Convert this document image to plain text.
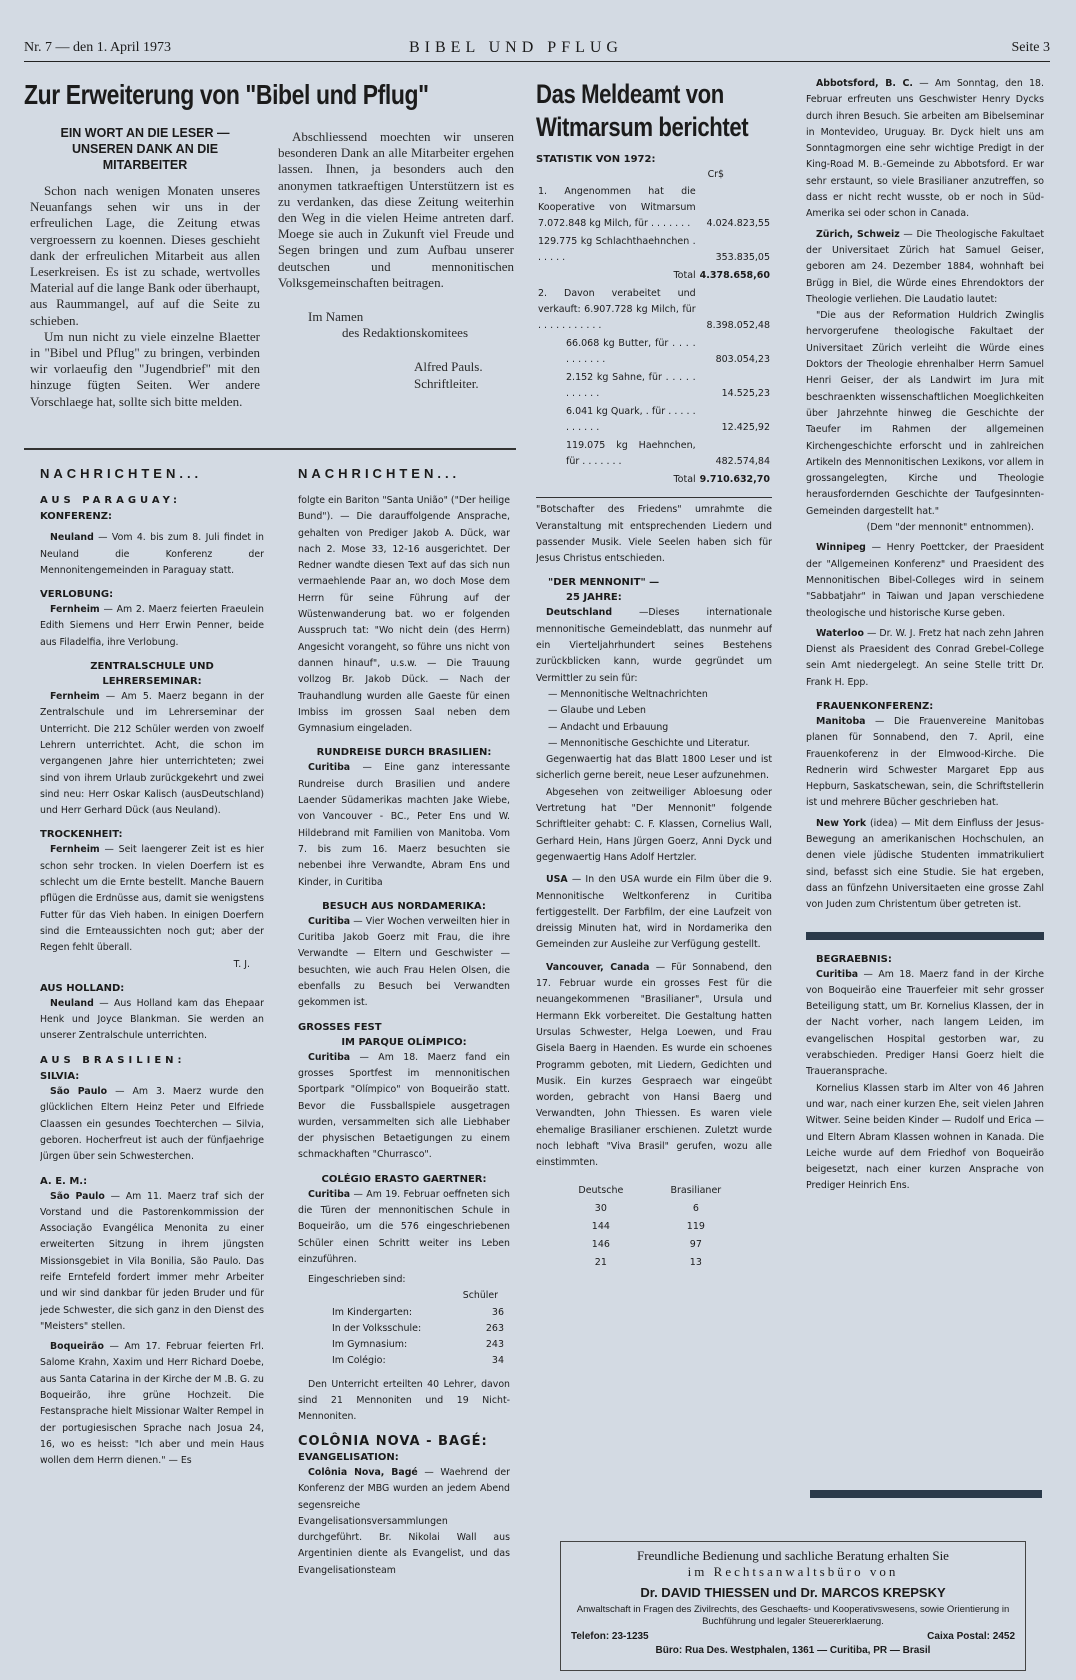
Nr. 7 — den 1. April 1973	BIBEL UND PFLUG	Seite 3
Zur Erweiterung von "Bibel und Pflug"
EIN WORT AN DIE LESER — UNSEREN DANK AN DIE MITARBEITER

Schon nach wenigen Monaten unseres Neuanfangs sehen wir uns in der erfreulichen Lage, die Zeitung etwas vergroessern zu koennen. Dieses geschieht dank der erfreulichen Mitarbeit aus allen Leserkreisen. Es ist zu schade, wertvolles Material auf die lange Bank oder überhaupt, aus Raummangel, auf auf die Seite zu schieben.

Um nun nicht zu viele einzelne Blaetter in "Bibel und Pflug" zu bringen, verbinden wir vorlaeufig den "Jugendbrief" mit den hinzuge fügten Seiten. Wer andere Vorschlaege hat, sollte sich bitte melden.

Abschliessend moechten wir unseren besonderen Dank an alle Mitarbeiter ergehen lassen. Ihnen, ja besonders auch den anonymen tatkraeftigen Unterstützern ist es zu verdanken, das diese Zeitung weiterhin den Weg in die vielen Heime antreten darf. Moege sie auch in Zukunft viel Freude und Segen bringen und zum Aufbau unserer deutschen und mennonitischen Volksgemeinschaften beitragen.

Im Namen
des Redaktionskomitees
Alfred Pauls.
Schriftleiter.
NACHRICHTEN...
AUS PARAGUAY:
KONFERENZ:

Neuland — Vom 4. bis zum 8. Juli findet in Neuland die Konferenz der Mennonitengemeinden in Paraguay statt.

VERLOBUNG:

Fernheim — Am 2. Maerz feierten Fraeulein Edith Siemens und Herr Erwin Penner, beide aus Filadelfia, ihre Verlobung.

ZENTRALSCHULE UND LEHRERSEMINAR:

Fernheim — Am 5. Maerz begann in der Zentralschule und im Lehrerseminar der Unterricht. Die 212 Schüler werden von zwoelf Lehrern unterrichtet. Acht, die schon im vergangenen Jahre hier unterrichteten; zwei sind von ihrem Urlaub zurückgekehrt und zwei sind neu: Herr Oskar Kalisch (ausDeutschland) und Herr Gerhard Dück (aus Neuland).

TROCKENHEIT:

Fernheim — Seit laengerer Zeit ist es hier schon sehr trocken. In vielen Doerfern ist es schlecht um die Ernte bestellt. Manche Bauern pflügen die Erdnüsse aus, damit sie wenigstens Futter für das Vieh haben. In einigen Doerfern sind die Ernteaussichten noch gut; aber der Regen fehlt überall.

T. J.
AUS HOLLAND:

Neuland — Aus Holland kam das Ehepaar Henk und Joyce Blankman. Sie werden an unserer Zentralschule unterrichten.

AUS BRASILIEN:
SILVIA:

São Paulo — Am 3. Maerz wurde den glücklichen Eltern Heinz Peter und Elfriede Claassen ein gesundes Toechterchen — Silvia, geboren. Hocherfreut ist auch der fünfjaehrige Jürgen über sein Schwesterchen.

A. E. M.:

São Paulo — Am 11. Maerz traf sich der Vorstand und die Pastorenkommission der Associação Evangélica Menonita zu einer erweiterten Sitzung in ihrem jüngsten Missionsgebiet in Vila Bonilia, São Paulo. Das reife Erntefeld fordert immer mehr Arbeiter und wir sind dankbar für jeden Bruder und für jede Schwester, die sich ganz in den Dienst des "Meisters" stellen.

Boqueirão — Am 17. Februar feierten Frl. Salome Krahn, Xaxim und Herr Richard Doebe, aus Santa Catarina in der Kirche der M .B. G. zu Boqueirão, ihre grüne Hochzeit. Die Festansprache hielt Missionar Walter Rempel in der portugiesischen Sprache nach Josua 24, 16, wo es heisst: "Ich aber und mein Haus wollen dem Herrn dienen." — Es

NACHRICHTEN...

folgte ein Bariton "Santa União" ("Der heilige Bund"). — Die darauffolgende Ansprache, gehalten von Prediger Jakob A. Dück, war nach 2. Mose 33, 12-16 ausgerichtet. Der Redner wandte diesen Text auf das sich nun vermaehlende Paar an, wo doch Mose dem Herrn für seine Führung auf der Wüstenwanderung bat. wo er folgenden Ausspruch tat: "Wo nicht dein (des Herrn) Angesicht vorangeht, so führe uns nicht von dannen hinauf", u.s.w. — Die Trauung vollzog Br. Jakob Dück. — Nach der Trauhandlung wurden alle Gaeste für einen Imbiss im grossen Saal neben dem Gymnasium eingeladen.

RUNDREISE DURCH BRASILIEN:

Curitiba — Eine ganz interessante Rundreise durch Brasilien und andere Laender Südamerikas machten Jake Wiebe, von Vancouver - BC., Peter Ens und W. Hildebrand mit Familien von Manitoba. Vom 7. bis zum 16. Maerz besuchten sie nebenbei ihre Verwandte, Abram Ens und Kinder, in Curitiba

BESUCH AUS NORDAMERIKA:

Curitiba — Vier Wochen verweilten hier in Curitiba Jakob Goerz mit Frau, die ihre Verwandte — Eltern und Geschwister — besuchten, wie auch Frau Helen Olsen, die ebenfalls zu Besuch bei Verwandten gekommen ist.

GROSSES FEST
IM PARQUE OLÍMPICO:

Curitiba — Am 18. Maerz fand ein grosses Sportfest im mennonitischen Sportpark "Olímpico" von Boqueirão statt. Bevor die Fussballspiele ausgetragen wurden, versammelten sich alle Liebhaber der physischen Betaetigungen zu einem schmackhaften "Churrasco".

COLÉGIO ERASTO GAERTNER:

Curitiba — Am 19. Februar oeffneten sich die Türen der mennonitischen Schule in Boqueirão, um die 576 eingeschriebenen Schüler einen Schritt weiter ins Leben einzuführen.

Eingeschrieben sind:

Schüler
Im Kindergarten:	36
In der Volksschule:	263
Im Gymnasium:	243
Im Colégio:	34

Den Unterricht erteilten 40 Lehrer, davon sind 21 Mennoniten und 19 Nicht-Mennoniten.

COLÔNIA NOVA - BAGÉ:
EVANGELISATION:

Colônia Nova, Bagé — Waehrend der Konferenz der MBG wurden an jedem Abend segensreiche Evangelisationsversammlungen durchgeführt. Br. Nikolai Wall aus Argentinien diente als Evangelist, und das Evangelisationsteam

Das Meldeamt von
Witmarsum berichtet
STATISTIK VON 1972:
Cr$
1. Angenommen hat die Kooperative von Witmarsum 7.072.848 kg Milch, für . . . . . . .	4.024.823,55
129.775 kg Schlachthaehnchen . . . . . .	353.835,05
Total	4.378.658,60
2. Davon verabeitet und verkauft: 6.907.728 kg Milch, für . . . . . . . . . . .	8.398.052,48
66.068 kg Butter, für . . . . . . . . . . .	803.054,23
2.152 kg Sahne, für . . . . . . . . . . .	14.525,23
6.041 kg Quark, . für . . . . . . . . . . .	12.425,92
119.075 kg Haehnchen, für . . . . . . .	482.574,84
Total	9.710.632,70

"Botschafter des Friedens" umrahmte die Veranstaltung mit entsprechenden Liedern und passender Musik. Viele Seelen haben sich für Jesus Christus entschieden.

"DER MENNONIT" —
25 JAHRE:

Deutschland	—Dieses internationale mennonitische Gemeindeblatt, das nunmehr auf ein Vierteljahrhundert seines Bestehens zurückblicken kann, wurde gegründet um Vermittler zu sein für:

— Mennonitische Weltnachrichten
— Glaube und Leben
— Andacht und Erbauung
— Mennonitische Geschichte und Literatur.

Gegenwaertig hat das Blatt 1800 Leser und ist sicherlich gerne bereit, neue Leser aufzunehmen.

Abgesehen von zeitweiliger Abloesung oder Vertretung hat "Der Mennonit" folgende Schriftleiter gehabt: C. F. Klassen, Cornelius Wall, Gerhard Hein, Hans Jürgen Goerz, Anni Dyck und gegenwaertig Hans Adolf Hertzler.

USA — In den USA wurde ein Film über die 9. Mennonitische Weltkonferenz in Curitiba fertiggestellt. Der Farbfilm, der eine Laufzeit von dreissig Minuten hat, wird in Nordamerika den Gemeinden zur Ausleihe zur Verfügung gestellt.

Vancouver, Canada — Für Sonnabend, den 17. Februar wurde ein grosses Fest für die neuangekommenen "Brasilianer", Ursula und Hermann Ekk vorbereitet. Die Gestaltung hatten Ursulas Schwester, Helga Loewen, und Frau Gisela Baerg in Haenden. Es wurde ein schoenes Programm geboten, mit Liedern, Gedichten und Musik. Ein kurzes Gespraech war eingeübt worden, gebracht von Hansi Baerg und Verwandten, John Thiessen. Es waren viele ehemalige Brasilianer erschienen. Zuletzt wurde noch lebhaft "Viva Brasil" gerufen, wozu alle einstimmten.

Deutsche	Brasilianer
30	6
144	119
146	97
21	13

Abbotsford, B. C. — Am Sonntag, den 18. Februar erfreuten uns Geschwister Henry Dycks durch ihren Besuch. Sie arbeiten am Bibelseminar in Montevideo, Uruguay. Br. Dyck hielt uns am Sonntagmorgen eine sehr wichtige Predigt in der King-Road M. B.-Gemeinde zu Abbotsford. Er war sehr erstaunt, so viele Brasilianer anzutreffen, so dass er nicht recht wusste, ob er noch in Süd-Amerika sei oder schon in Canada.

Zürich, Schweiz — Die Theologische Fakultaet der Universitaet Zürich hat Samuel Geiser, geboren am 24. Dezember 1884, wohnhaft bei Brügg in Biel, die Würde eines Ehrendoktors der Theologie verliehen. Die Laudatio lautet:

"Die aus der Reformation Huldrich Zwinglis hervorgerufene theologische Fakultaet der Universitaet Zürich verleiht die Würde eines Doktors der Theologie ehrenhalber Herrn Samuel Henri Geiser, der als Landwirt im Jura mit beschraenkten wissenschaftlichen Moeglichkeiten über Jahrzehnte hinweg die Geschichte der Taeufer im Rahmen der allgemeinen Kirchengeschichte erforscht und in zahlreichen Artikeln des Mennonitischen Lexikons, vor allem in grossangelegten, Kirche und Theologie herausfordernden Geschichte der Taufgesinnten-Gemeinden dargestellt hat."

(Dem "der mennonit" entnommen).

Winnipeg — Henry Poettcker, der Praesident der "Allgemeinen Konferenz" und Praesident des Mennonitischen Bibel-Colleges wird in seinem "Sabbatjahr" in Taiwan und Japan verschiedene theologische und historische Kurse geben.

Waterloo — Dr. W. J. Fretz hat nach zehn Jahren Dienst als Praesident des Conrad Grebel-College sein Amt niedergelegt. An seine Stelle tritt Dr. Frank H. Epp.

FRAUENKONFERENZ:

Manitoba — Die Frauenvereine Manitobas planen für Sonnabend, den 7. April, eine Frauenkoferenz in der Elmwood-Kirche. Die Rednerin wird Schwester Margaret Epp aus Hepburn, Saskatschewan, sein, die Schriftstellerin ist und mehrere Bücher geschrieben hat.

New York (idea) — Mit dem Einfluss der Jesus-Bewegung an amerikanischen Hochschulen, an denen viele jüdische Studenten immatrikuliert sind, befasst sich eine Studie. Sie hat ergeben, dass an fünfzehn Universitaeten eine grosse Zahl von Juden zum Christentum über getreten ist.

BEGRAEBNIS:

Curitiba — Am 18. Maerz fand in der Kirche von Boqueirão eine Trauerfeier mit sehr grosser Beteiligung statt, um Br. Kornelius Klassen, der in der Nacht vorher, nach langem Leiden, im evangelischen Hospital gestorben war, zu verabschieden. Prediger Hansi Goerz hielt die Traueransprache.

Kornelius Klassen starb im Alter von 46 Jahren und war, nach einer kurzen Ehe, seit vielen Jahren Witwer. Seine beiden Kinder — Rudolf und Erica — und Eltern Abram Klassen wohnen in Kanada. Die Leiche wurde auf dem Friedhof von Boqueirão beigesetzt, nach einer kurzen Ansprache von Prediger Heinrich Ens.

Freundliche Bedienung und sachliche Beratung erhalten Sie
im Rechtsanwaltsbüro von
Dr. DAVID THIESSEN und Dr. MARCOS KREPSKY
Anwaltschaft in Fragen des Zivilrechts, des Geschaefts- und Kooperativswesens, sowie Orientierung in Buchführung und legaler Steuererklaerung.
Telefon: 23-1235	Caixa Postal: 2452
Büro: Rua Des. Westphalen, 1361 — Curitiba, PR — Brasil
